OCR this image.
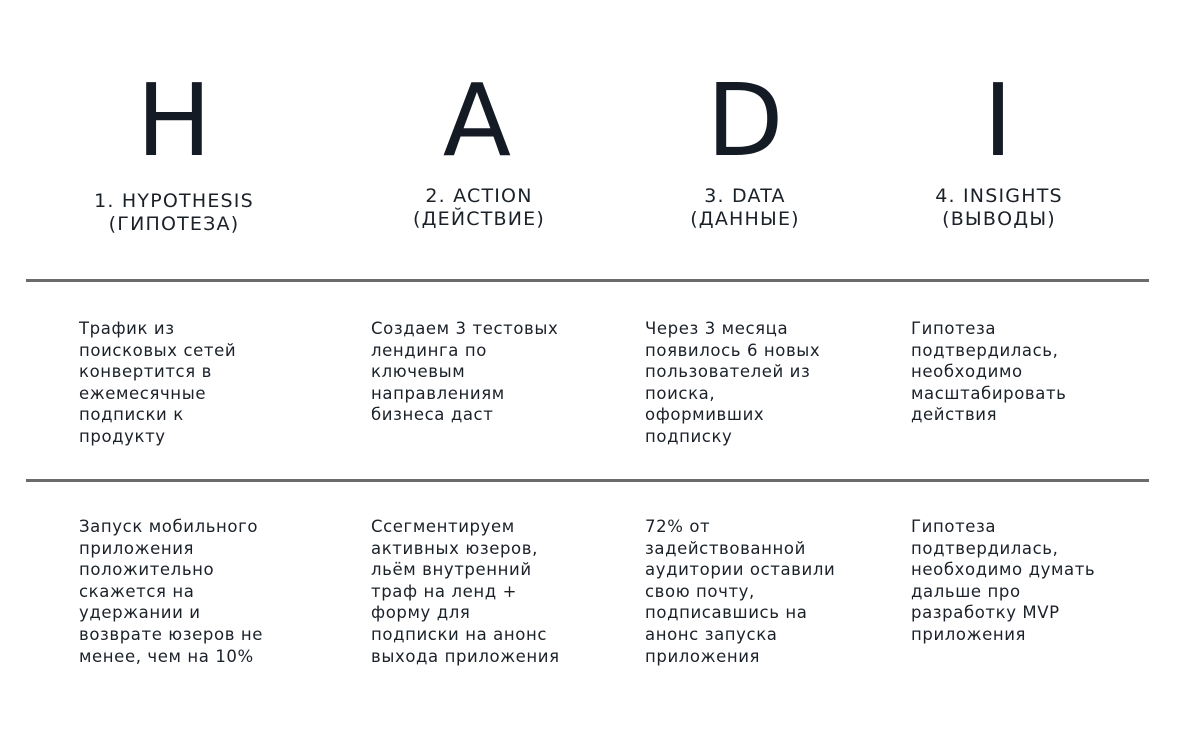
H A D I
1. HYPOTHESIS
(ГИПОТЕЗА)
2. ACTION
(ДЕЙСТВИЕ)
3. DATA
(ДАННЫЕ)
4. INSIGHTS
(ВЫВОДЫ)
Трафик из
поисковых сетей
конвертится в
ежемесячные
подписки к
продукту
Создаем 3 тестовых
лендинга по
ключевым
направлениям
бизнеса даст
Через 3 месяца
появилось 6 новых
пользователей из
поиска,
оформивших
подписку
Гипотеза
подтвердилась,
необходимо
масштабировать
действия
Запуск мобильного
приложения
положительно
скажется на
удержании и
возврате юзеров не
менее, чем на 10%
Ссегментируем
активных юзеров,
льём внутренний
траф на ленд +
форму для
подписки на анонс
выхода приложения
72% от
задействованной
аудитории оставили
свою почту,
подписавшись на
анонс запуска
приложения
Гипотеза
подтвердилась,
необходимо думать
дальше про
разработку MVP
приложения
